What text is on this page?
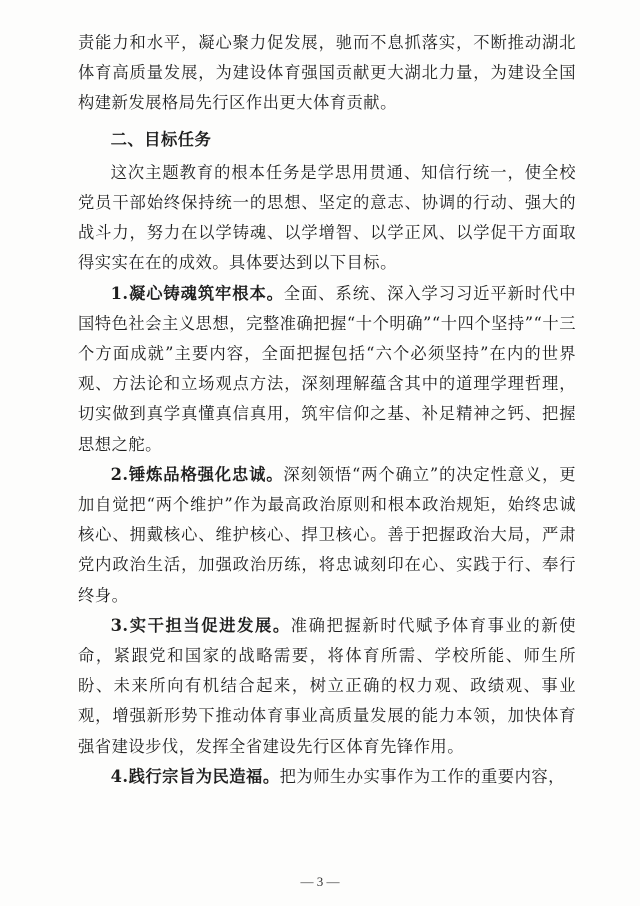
责能力和水平，凝心聚力促发展，驰而不息抓落实，不断推动湖北体育高质量发展，为建设体育强国贡献更大湖北力量，为建设全国构建新发展格局先行区作出更大体育贡献。

二、目标任务

这次主题教育的根本任务是学思用贯通、知信行统一，使全校党员干部始终保持统一的思想、坚定的意志、协调的行动、强大的战斗力，努力在以学铸魂、以学增智、以学正风、以学促干方面取得实实在在的成效。具体要达到以下目标。

1.凝心铸魂筑牢根本。全面、系统、深入学习习近平新时代中国特色社会主义思想，完整准确把握“十个明确”“十四个坚持”“十三个方面成就”主要内容，全面把握包括“六个必须坚持”在内的世界观、方法论和立场观点方法，深刻理解蕴含其中的道理学理哲理，切实做到真学真懂真信真用，筑牢信仰之基、补足精神之钙、把握思想之舵。

2.锤炼品格强化忠诚。深刻领悟“两个确立”的决定性意义，更加自觉把“两个维护”作为最高政治原则和根本政治规矩，始终忠诚核心、拥戴核心、维护核心、捍卫核心。善于把握政治大局，严肃党内政治生活，加强政治历练，将忠诚刻印在心、实践于行、奉行终身。

3.实干担当促进发展。准确把握新时代赋予体育事业的新使命，紧跟党和国家的战略需要，将体育所需、学校所能、师生所盼、未来所向有机结合起来，树立正确的权力观、政绩观、事业观，增强新形势下推动体育事业高质量发展的能力本领，加快体育强省建设步伐，发挥全省建设先行区体育先锋作用。

4.践行宗旨为民造福。把为师生办实事作为工作的重要内容，

— 3 —
